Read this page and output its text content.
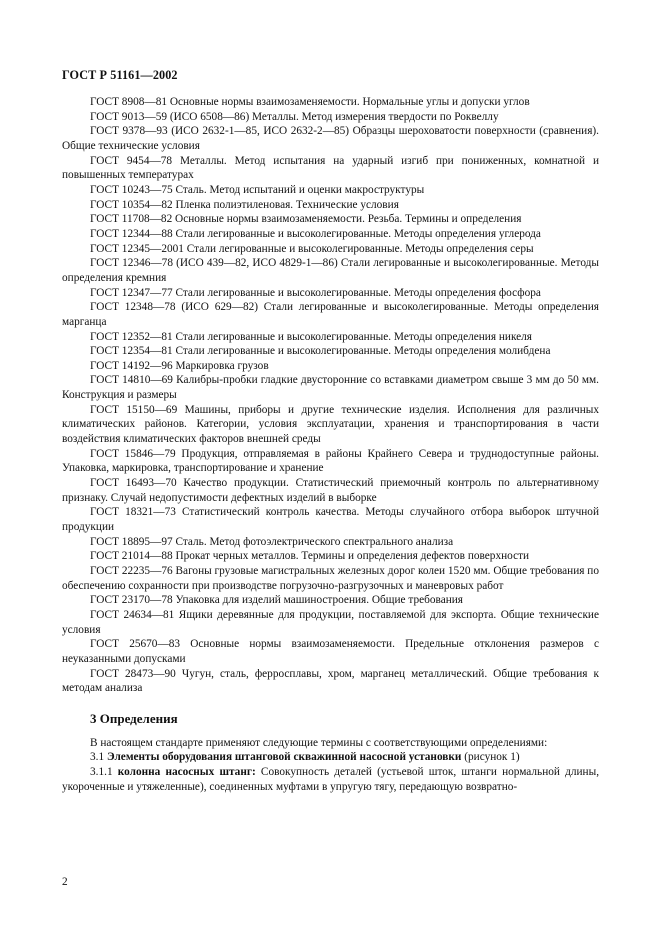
ГОСТ Р 51161—2002

ГОСТ 8908—81 Основные нормы взаимозаменяемости. Нормальные углы и допуски углов

ГОСТ 9013—59 (ИСО 6508—86) Металлы. Метод измерения твердости по Роквеллу

ГОСТ 9378—93 (ИСО 2632-1—85, ИСО 2632-2—85) Образцы шероховатости поверхности (сравнения). Общие технические условия

ГОСТ 9454—78 Металлы. Метод испытания на ударный изгиб при пониженных, комнатной и повышенных температурах

ГОСТ 10243—75 Сталь. Метод испытаний и оценки макроструктуры

ГОСТ 10354—82 Пленка полиэтиленовая. Технические условия

ГОСТ 11708—82 Основные нормы взаимозаменяемости. Резьба. Термины и определения

ГОСТ 12344—88 Стали легированные и высоколегированные. Методы определения углерода

ГОСТ 12345—2001 Стали легированные и высоколегированные. Методы определения серы

ГОСТ 12346—78 (ИСО 439—82, ИСО 4829-1—86) Стали легированные и высоколегированные. Методы определения кремния

ГОСТ 12347—77 Стали легированные и высоколегированные. Методы определения фосфора

ГОСТ 12348—78 (ИСО 629—82) Стали легированные и высоколегированные. Методы определения марганца

ГОСТ 12352—81 Стали легированные и высоколегированные. Методы определения никеля

ГОСТ 12354—81 Стали легированные и высоколегированные. Методы определения молибдена

ГОСТ 14192—96 Маркировка грузов

ГОСТ 14810—69 Калибры-пробки гладкие двусторонние со вставками диаметром свыше 3 мм до 50 мм. Конструкция и размеры

ГОСТ 15150—69 Машины, приборы и другие технические изделия. Исполнения для различных климатических районов. Категории, условия эксплуатации, хранения и транспортирования в части воздействия климатических факторов внешней среды

ГОСТ 15846—79 Продукция, отправляемая в районы Крайнего Севера и труднодоступные районы. Упаковка, маркировка, транспортирование и хранение

ГОСТ 16493—70 Качество продукции. Статистический приемочный контроль по альтернативному признаку. Случай недопустимости дефектных изделий в выборке

ГОСТ 18321—73 Статистический контроль качества. Методы случайного отбора выборок штучной продукции

ГОСТ 18895—97 Сталь. Метод фотоэлектрического спектрального анализа

ГОСТ 21014—88 Прокат черных металлов. Термины и определения дефектов поверхности

ГОСТ 22235—76 Вагоны грузовые магистральных железных дорог колеи 1520 мм. Общие требования по обеспечению сохранности при производстве погрузочно-разгрузочных и маневровых работ

ГОСТ 23170—78 Упаковка для изделий машиностроения. Общие требования

ГОСТ 24634—81 Ящики деревянные для продукции, поставляемой для экспорта. Общие технические условия

ГОСТ 25670—83 Основные нормы взаимозаменяемости. Предельные отклонения размеров с неуказанными допусками

ГОСТ 28473—90 Чугун, сталь, ферросплавы, хром, марганец металлический. Общие требования к методам анализа

3 Определения

В настоящем стандарте применяют следующие термины с соответствующими определениями:

3.1 Элементы оборудования штанговой скважинной насосной установки (рисунок 1)

3.1.1 колонна насосных штанг: Совокупность деталей (устьевой шток, штанги нормальной длины, укороченные и утяжеленные), соединенных муфтами в упругую тягу, передающую возвратно-

2
